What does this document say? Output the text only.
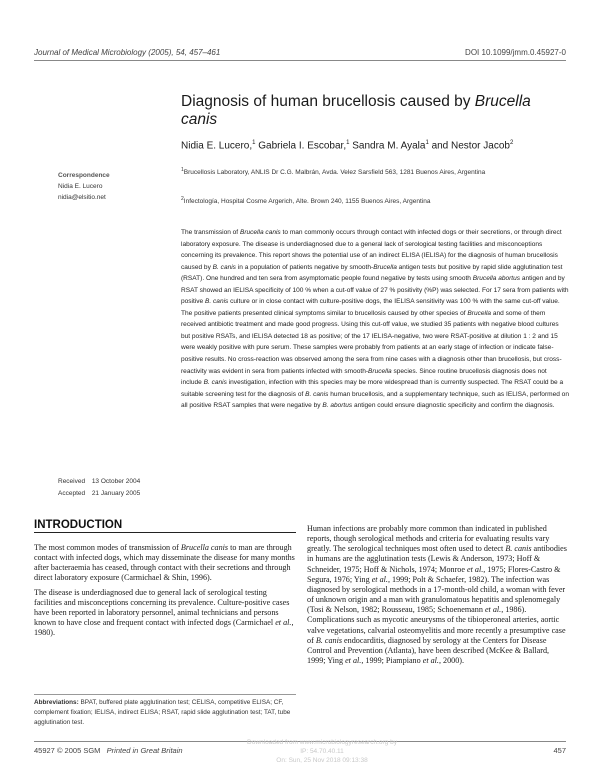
Journal of Medical Microbiology (2005), 54, 457–461	DOI 10.1099/jmm.0.45927-0
Diagnosis of human brucellosis caused by Brucella canis
Nidia E. Lucero,$^1$ Gabriela I. Escobar,$^1$ Sandra M. Ayala$^1$ and Nestor Jacob$^2$
$^1$Brucellosis Laboratory, ANLIS Dr C.G. Malbrán, Avda. Velez Sarsfield 563, 1281 Buenos Aires, Argentina
$^2$Infectología, Hospital Cosme Argerich, Alte. Brown 240, 1155 Buenos Aires, Argentina
Correspondence
Nidia E. Lucero
nidia@elsitio.net
The transmission of Brucella canis to man commonly occurs through contact with infected dogs or their secretions, or through direct laboratory exposure. The disease is underdiagnosed due to a general lack of serological testing facilities and misconceptions concerning its prevalence. This report shows the potential use of an indirect ELISA (IELISA) for the diagnosis of human brucellosis caused by B. canis in a population of patients negative by smooth-Brucella antigen tests but positive by rapid slide agglutination test (RSAT). One hundred and ten sera from asymptomatic people found negative by tests using smooth Brucella abortus antigen and by RSAT showed an IELISA specificity of 100 % when a cut-off value of 27 % positivity (%P) was selected. For 17 sera from patients with positive B. canis culture or in close contact with culture-positive dogs, the IELISA sensitivity was 100 % with the same cut-off value. The positive patients presented clinical symptoms similar to brucellosis caused by other species of Brucella and some of them received antibiotic treatment and made good progress. Using this cut-off value, we studied 35 patients with negative blood cultures but positive RSATs, and IELISA detected 18 as positive; of the 17 IELISA-negative, two were RSAT-positive at dilution 1 : 2 and 15 were weakly positive with pure serum. These samples were probably from patients at an early stage of infection or indicate false-positive results. No cross-reaction was observed among the sera from nine cases with a diagnosis other than brucellosis, but cross-reactivity was evident in sera from patients infected with smooth-Brucella species. Since routine brucellosis diagnosis does not include B. canis investigation, infection with this species may be more widespread than is currently suspected. The RSAT could be a suitable screening test for the diagnosis of B. canis human brucellosis, and a supplementary technique, such as IELISA, performed on all positive RSAT samples that were negative by B. abortus antigen could ensure diagnostic specificity and confirm the diagnosis.
Received 13 October 2004
Accepted 21 January 2005
INTRODUCTION

The most common modes of transmission of Brucella canis to man are through contact with infected dogs, which may disseminate the disease for many months after bacteraemia has ceased, through contact with their secretions and through direct laboratory exposure (Carmichael & Shin, 1996).

The disease is underdiagnosed due to general lack of serological testing facilities and misconceptions concerning its prevalence. Culture-positive cases have been reported in laboratory personnel, animal technicians and persons known to have close and frequent contact with infected dogs (Carmichael et al., 1980).

Human infections are probably more common than indicated in published reports, though serological methods and criteria for evaluating results vary greatly. The serological techniques most often used to detect B. canis antibodies in humans are the agglutination tests (Lewis & Anderson, 1973; Hoff & Schneider, 1975; Hoff & Nichols, 1974; Monroe et al., 1975; Flores-Castro & Segura, 1976; Ying et al., 1999; Polt & Schaefer, 1982). The infection was diagnosed by serological methods in a 17-month-old child, a woman with fever of unknown origin and a man with granulomatous hepatitis and splenomegaly (Tosi & Nelson, 1982; Rousseau, 1985; Schoenemann et al., 1986). Complications such as mycotic aneurysms of the tibioperoneal arteries, aortic valve vegetations, calvarial osteomyelitis and more recently a presumptive case of B. canis endocarditis, diagnosed by serology at the Centers for Disease Control and Prevention (Atlanta), have been described (McKee & Ballard, 1999; Ying et al., 1999; Piampiano et al., 2000).

Abbreviations: BPAT, buffered plate agglutination test; CELISA, competitive ELISA; CF, complement fixation; IELISA, indirect ELISA; RSAT, rapid slide agglutination test; TAT, tube agglutination test.
45927 © 2005 SGM Printed in Great Britain	457
Downloaded from www.microbiologyresearch.org by
IP: 54.70.40.11
On: Sun, 25 Nov 2018 09:13:38
